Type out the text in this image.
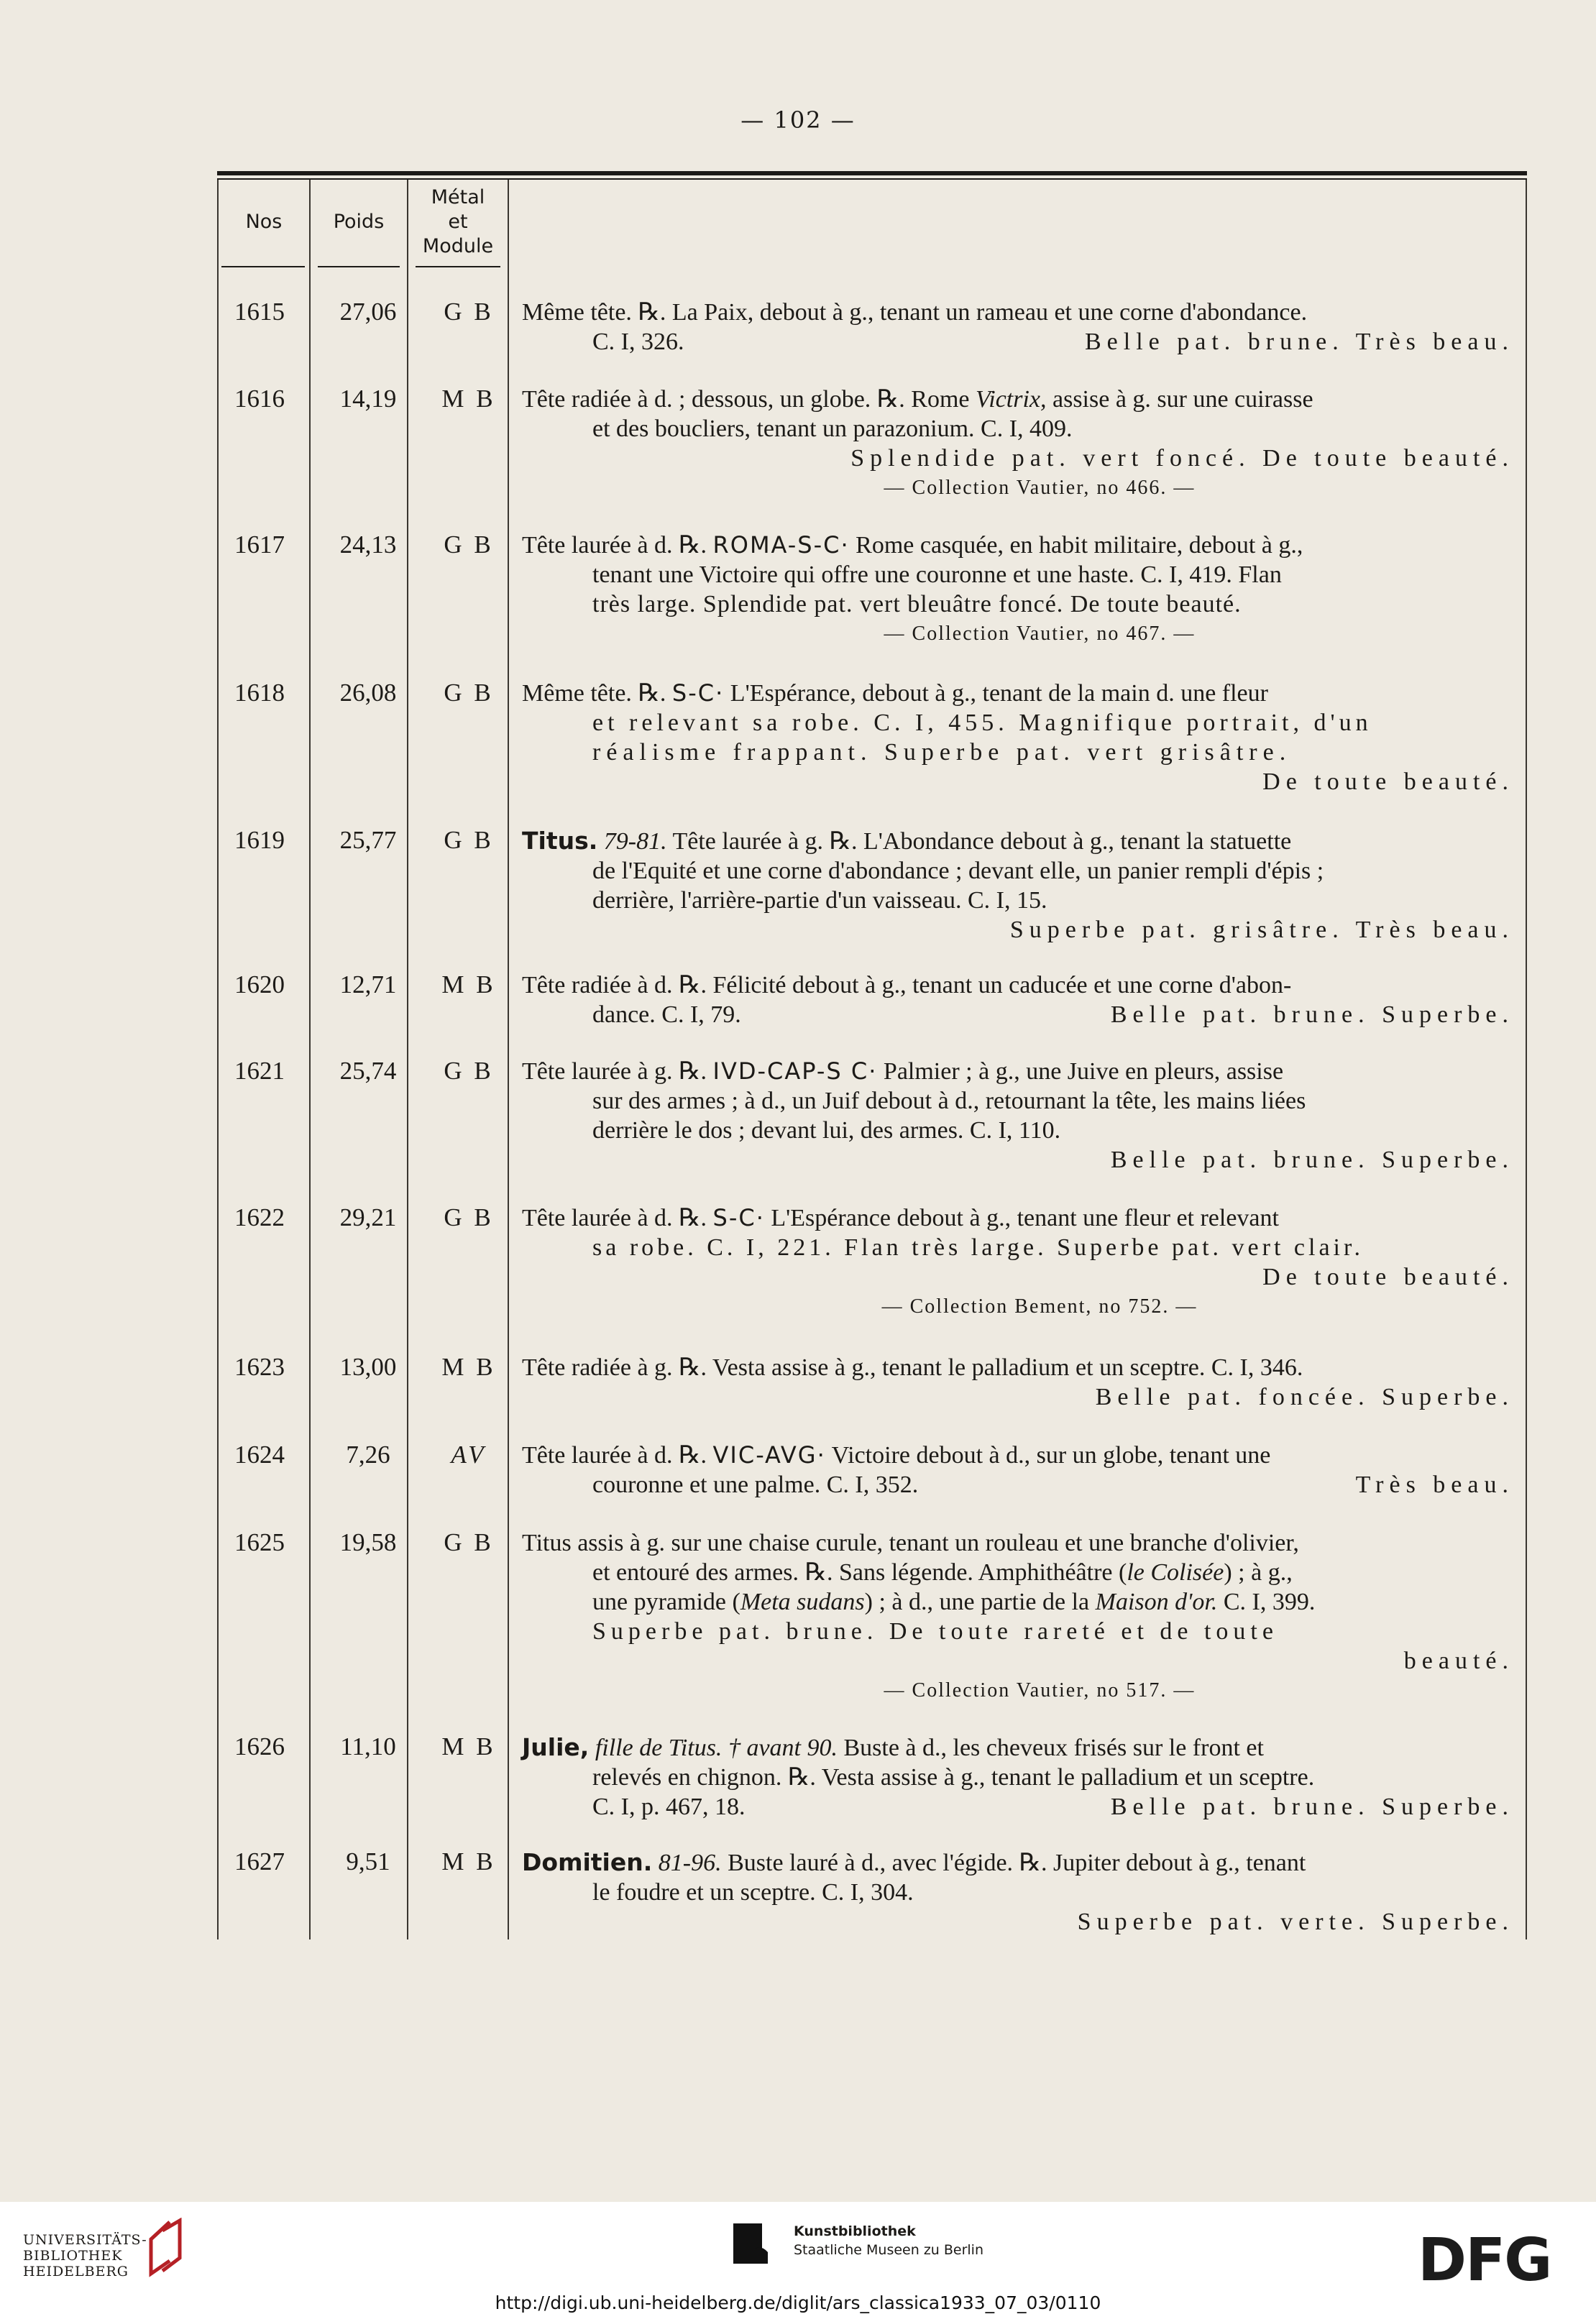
— 102 —
Nos	Poids
Métal et Module
1615	27,06	G B	Même tête. ℞. La Paix, debout à g., tenant un rameau et une corne d'abondance.
C. I, 326.	Belle pat. brune. Très beau.
1616	14,19	M B	Tête radiée à d. ; dessous, un globe. ℞. Rome Victrix, assise à g. sur une cuirasse
et des boucliers, tenant un parazonium. C. I, 409.
Splendide pat. vert foncé. De toute beauté.
— Collection Vautier, no 466. —
1617	24,13	G B	Tête laurée à d. ℞. ROMA-S-C· Rome casquée, en habit militaire, debout à g.,
tenant une Victoire qui offre une couronne et une haste. C. I, 419. Flan
très large. Splendide pat. vert bleuâtre foncé. De toute beauté.
— Collection Vautier, no 467. —
1618	26,08	G B	Même tête. ℞. S-C· L'Espérance, debout à g., tenant de la main d. une fleur
et relevant sa robe. C. I, 455. Magnifique portrait, d'un
réalisme frappant. Superbe pat. vert grisâtre.
De toute beauté.
1619	25,77	G B	Titus. 79-81. Tête laurée à g. ℞. L'Abondance debout à g., tenant la statuette
de l'Equité et une corne d'abondance ; devant elle, un panier rempli d'épis ;
derrière, l'arrière-partie d'un vaisseau. C. I, 15.
Superbe pat. grisâtre. Très beau.
1620	12,71	M B	Tête radiée à d. ℞. Félicité debout à g., tenant un caducée et une corne d'abon-
dance. C. I, 79.	Belle pat. brune. Superbe.
1621	25,74	G B	Tête laurée à g. ℞. IVD-CAP-S C· Palmier ; à g., une Juive en pleurs, assise
sur des armes ; à d., un Juif debout à d., retournant la tête, les mains liées
derrière le dos ; devant lui, des armes. C. I, 110.
Belle pat. brune. Superbe.
1622	29,21	G B	Tête laurée à d. ℞. S-C· L'Espérance debout à g., tenant une fleur et relevant
sa robe. C. I, 221. Flan très large. Superbe pat. vert clair.
De toute beauté.
— Collection Bement, no 752. —
1623	13,00	M B	Tête radiée à g. ℞. Vesta assise à g., tenant le palladium et un sceptre. C. I, 346.
Belle pat. foncée. Superbe.
1624	7,26	AV	Tête laurée à d. ℞. VIC-AVG· Victoire debout à d., sur un globe, tenant une
couronne et une palme. C. I, 352.	Très beau.
1625	19,58	G B	Titus assis à g. sur une chaise curule, tenant un rouleau et une branche d'olivier,
et entouré des armes. ℞. Sans légende. Amphithéâtre (le Colisée) ; à g.,
une pyramide (Meta sudans) ; à d., une partie de la Maison d'or. C. I, 399.
Superbe pat. brune. De toute rareté et de toute
beauté.
— Collection Vautier, no 517. —
1626	11,10	M B	Julie, fille de Titus. † avant 90. Buste à d., les cheveux frisés sur le front et
relevés en chignon. ℞. Vesta assise à g., tenant le palladium et un sceptre.
C. I, p. 467, 18.	Belle pat. brune. Superbe.
1627	9,51	M B	Domitien. 81-96. Buste lauré à d., avec l'égide. ℞. Jupiter debout à g., tenant
le foudre et un sceptre. C. I, 304.
Superbe pat. verte. Superbe.
UNIVERSITÄTS-
BIBLIOTHEK
HEIDELBERG
Kunstbibliothek
Staatliche Museen zu Berlin	DFG
http://digi.ub.uni-heidelberg.de/diglit/ars_classica1933_07_03/0110
